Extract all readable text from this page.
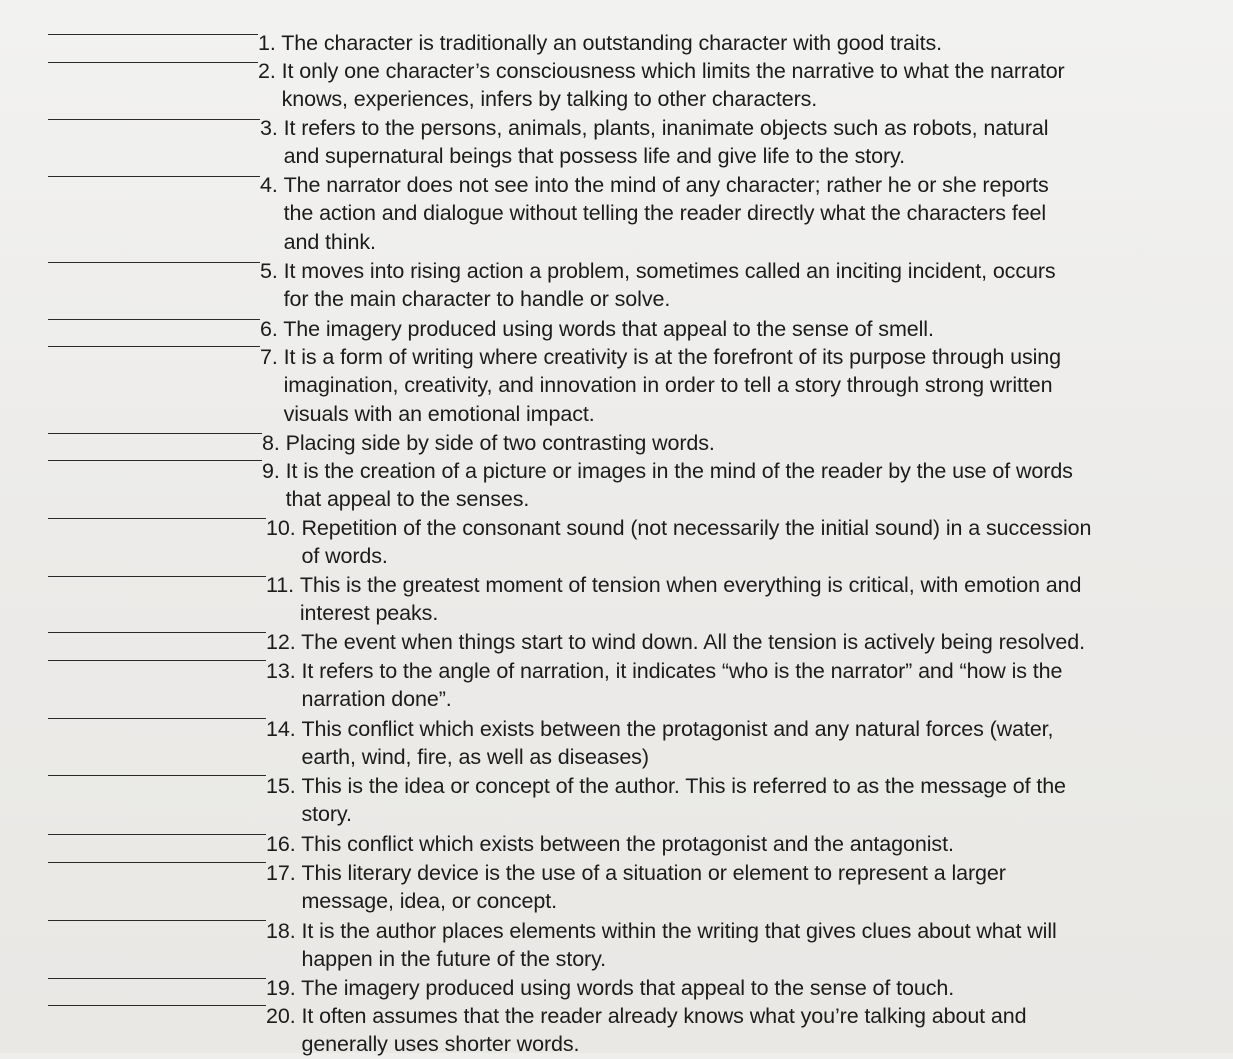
1. The character is traditionally an outstanding character with good traits.

2. It only one character’s consciousness which limits the narrative to what the narrator
knows, experiences, infers by talking to other characters.

3. It refers to the persons, animals, plants, inanimate objects such as robots, natural
and supernatural beings that possess life and give life to the story.

4. The narrator does not see into the mind of any character; rather he or she reports
the action and dialogue without telling the reader directly what the characters feel
and think.

5. It moves into rising action a problem, sometimes called an inciting incident, occurs
for the main character to handle or solve.

6. The imagery produced using words that appeal to the sense of smell.

7. It is a form of writing where creativity is at the forefront of its purpose through using
imagination, creativity, and innovation in order to tell a story through strong written
visuals with an emotional impact.

8. Placing side by side of two contrasting words.

9. It is the creation of a picture or images in the mind of the reader by the use of words
that appeal to the senses.

10. Repetition of the consonant sound (not necessarily the initial sound) in a succession
of words.

11. This is the greatest moment of tension when everything is critical, with emotion and
interest peaks.

12. The event when things start to wind down. All the tension is actively being resolved.

13. It refers to the angle of narration, it indicates “who is the narrator” and “how is the
narration done”.

14. This conflict which exists between the protagonist and any natural forces (water,
earth, wind, fire, as well as diseases)

15. This is the idea or concept of the author. This is referred to as the message of the
story.

16. This conflict which exists between the protagonist and the antagonist.

17. This literary device is the use of a situation or element to represent a larger
message, idea, or concept.

18. It is the author places elements within the writing that gives clues about what will
happen in the future of the story.

19. The imagery produced using words that appeal to the sense of touch.

20. It often assumes that the reader already knows what you’re talking about and
generally uses shorter words.
